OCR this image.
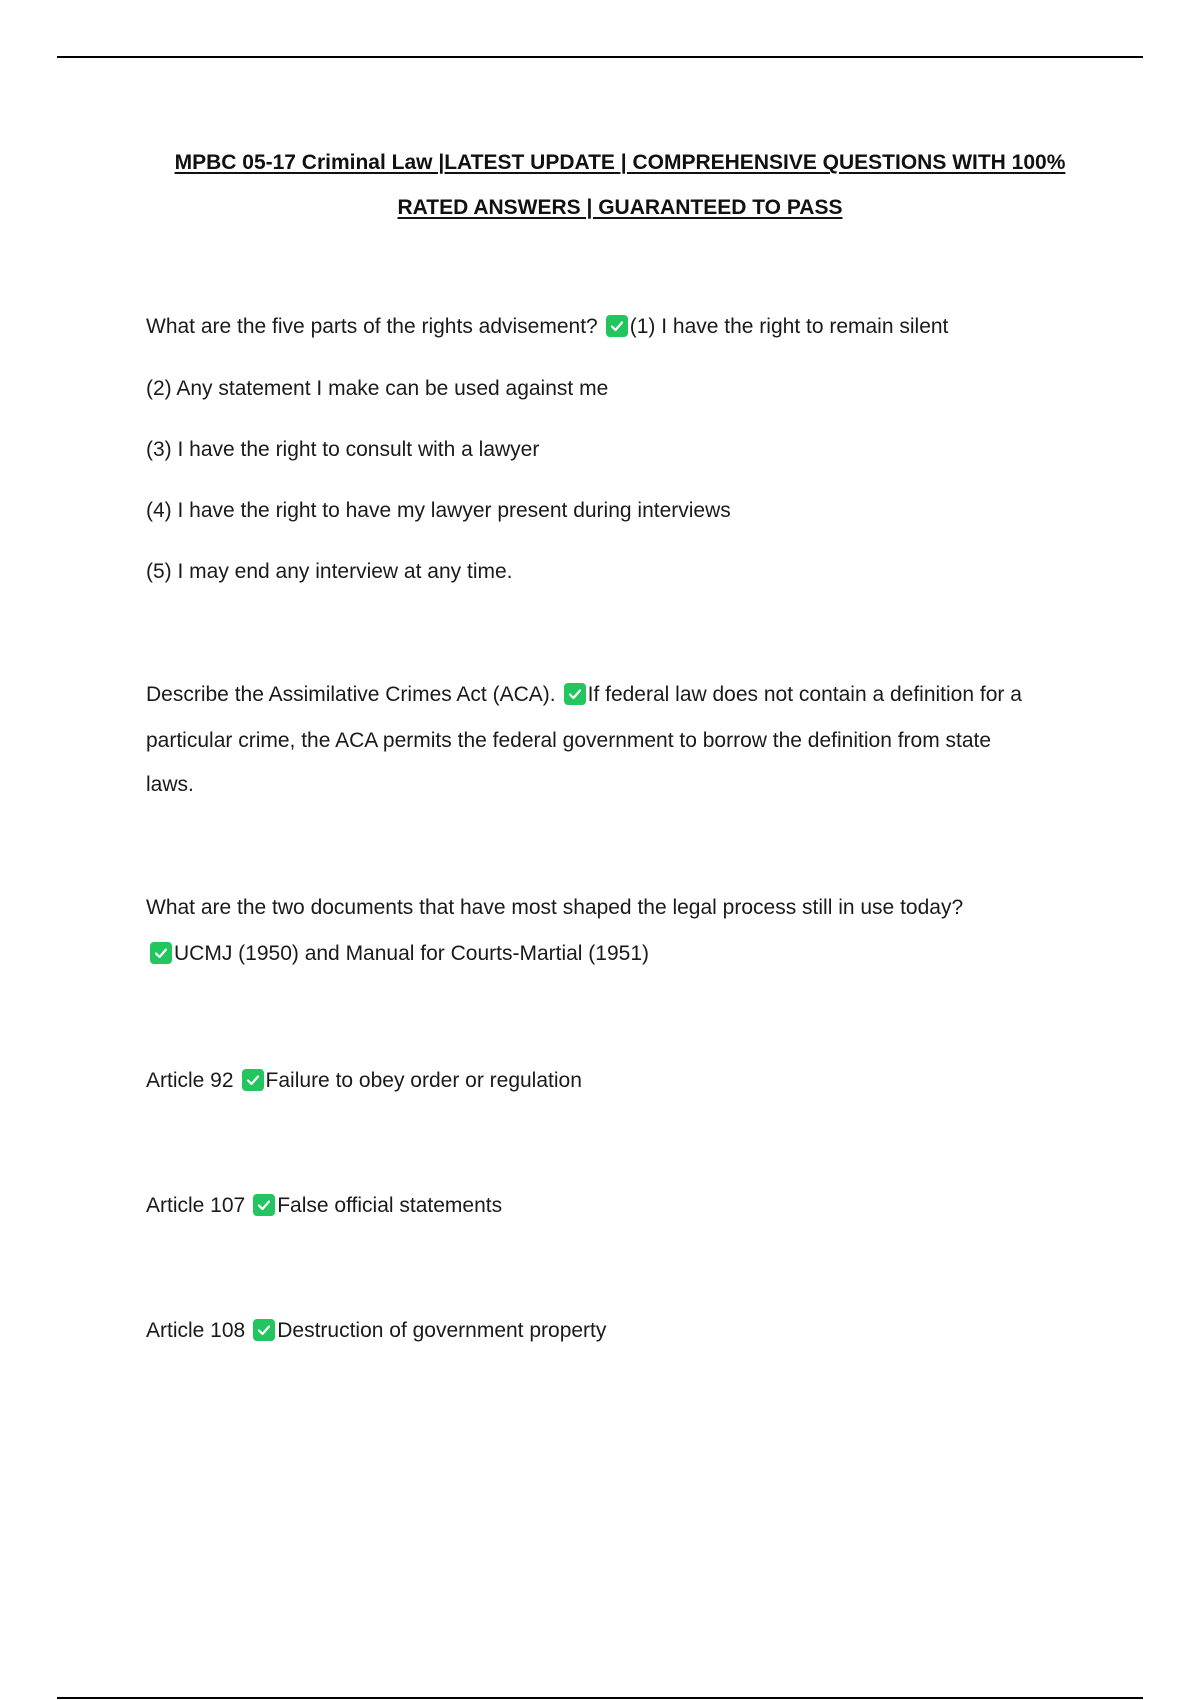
MPBC 05-17 Criminal Law |LATEST UPDATE | COMPREHENSIVE QUESTIONS WITH 100%
RATED ANSWERS | GUARANTEED TO PASS
What are the five parts of the rights advisement? (1) I have the right to remain silent
(2) Any statement I make can be used against me
(3) I have the right to consult with a lawyer
(4) I have the right to have my lawyer present during interviews
(5) I may end any interview at any time.
Describe the Assimilative Crimes Act (ACA). If federal law does not contain a definition for a
particular crime, the ACA permits the federal government to borrow the definition from state
laws.
What are the two documents that have most shaped the legal process still in use today?
UCMJ (1950) and Manual for Courts-Martial (1951)
Article 92 Failure to obey order or regulation
Article 107 False official statements
Article 108 Destruction of government property
